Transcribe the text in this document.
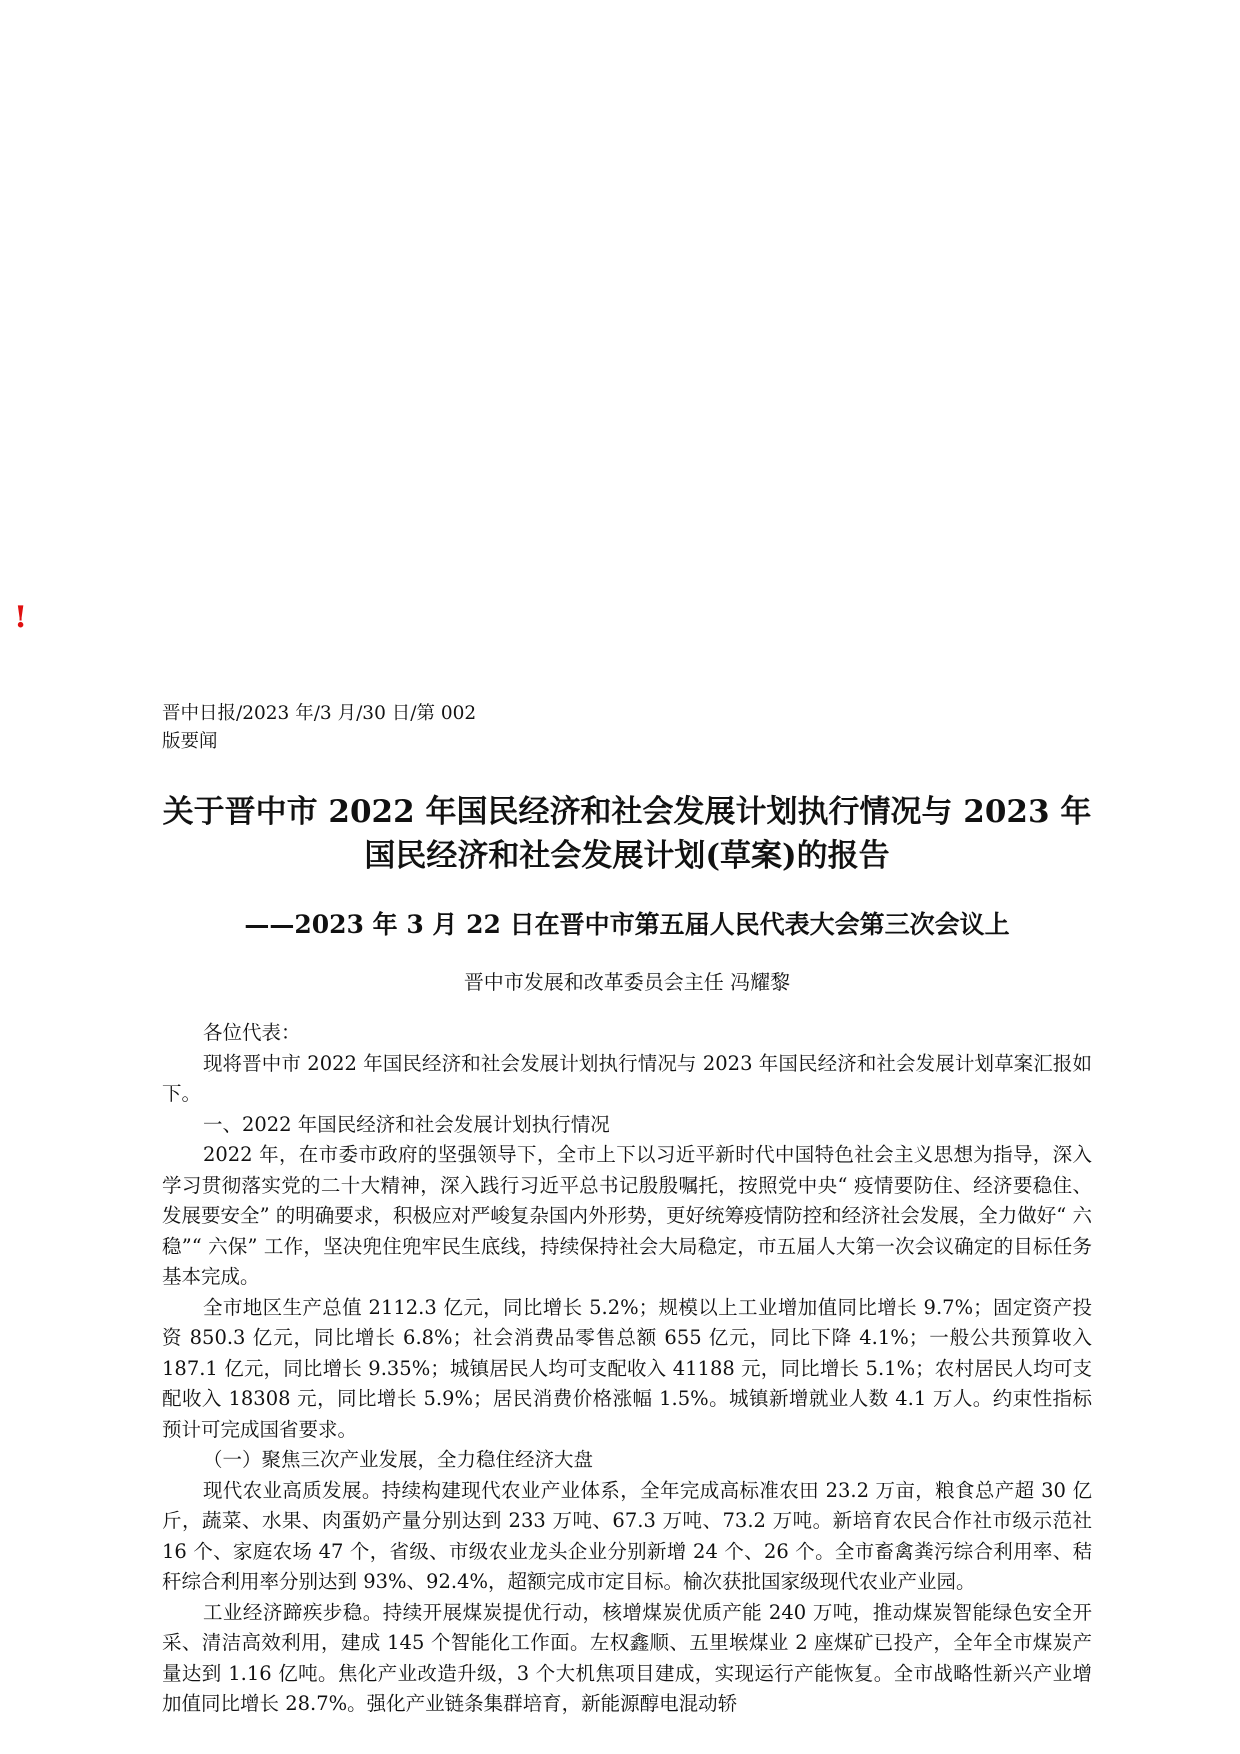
!
晋中日报/2023 年/3 月/30 日/第 002
版要闻
关于晋中市 2022 年国民经济和社会发展计划执行情况与 2023 年国民经济和社会发展计划(草案)的报告
——2023 年 3 月 22 日在晋中市第五届人民代表大会第三次会议上
晋中市发展和改革委员会主任 冯耀黎

各位代表：

现将晋中市 2022 年国民经济和社会发展计划执行情况与 2023 年国民经济和社会发展计划草案汇报如下。

一、2022 年国民经济和社会发展计划执行情况

2022 年，在市委市政府的坚强领导下，全市上下以习近平新时代中国特色社会主义思想为指导，深入学习贯彻落实党的二十大精神，深入践行习近平总书记殷殷嘱托，按照党中央“ 疫情要防住、经济要稳住、发展要安全” 的明确要求，积极应对严峻复杂国内外形势，更好统筹疫情防控和经济社会发展，全力做好“ 六稳”“ 六保” 工作，坚决兜住兜牢民生底线，持续保持社会大局稳定，市五届人大第一次会议确定的目标任务基本完成。

全市地区生产总值 2112.3 亿元，同比增长 5.2%；规模以上工业增加值同比增长 9.7%；固定资产投资 850.3 亿元，同比增长 6.8%；社会消费品零售总额 655 亿元，同比下降 4.1%；一般公共预算收入 187.1 亿元，同比增长 9.35%；城镇居民人均可支配收入 41188 元，同比增长 5.1%；农村居民人均可支配收入 18308 元，同比增长 5.9%；居民消费价格涨幅 1.5%。城镇新增就业人数 4.1 万人。约束性指标预计可完成国省要求。

（一）聚焦三次产业发展，全力稳住经济大盘

现代农业高质发展。持续构建现代农业产业体系，全年完成高标准农田 23.2 万亩，粮食总产超 30 亿斤，蔬菜、水果、肉蛋奶产量分别达到 233 万吨、67.3 万吨、73.2 万吨。新培育农民合作社市级示范社 16 个、家庭农场 47 个，省级、市级农业龙头企业分别新增 24 个、26 个。全市畜禽粪污综合利用率、秸秆综合利用率分别达到 93%、92.4%，超额完成市定目标。榆次获批国家级现代农业产业园。

工业经济蹄疾步稳。持续开展煤炭提优行动，核增煤炭优质产能 240 万吨，推动煤炭智能绿色安全开采、清洁高效利用，建成 145 个智能化工作面。左权鑫顺、五里堠煤业 2 座煤矿已投产，全年全市煤炭产量达到 1.16 亿吨。焦化产业改造升级，3 个大机焦项目建成，实现运行产能恢复。全市战略性新兴产业增加值同比增长 28.7%。强化产业链条集群培育，新能源醇电混动轿
